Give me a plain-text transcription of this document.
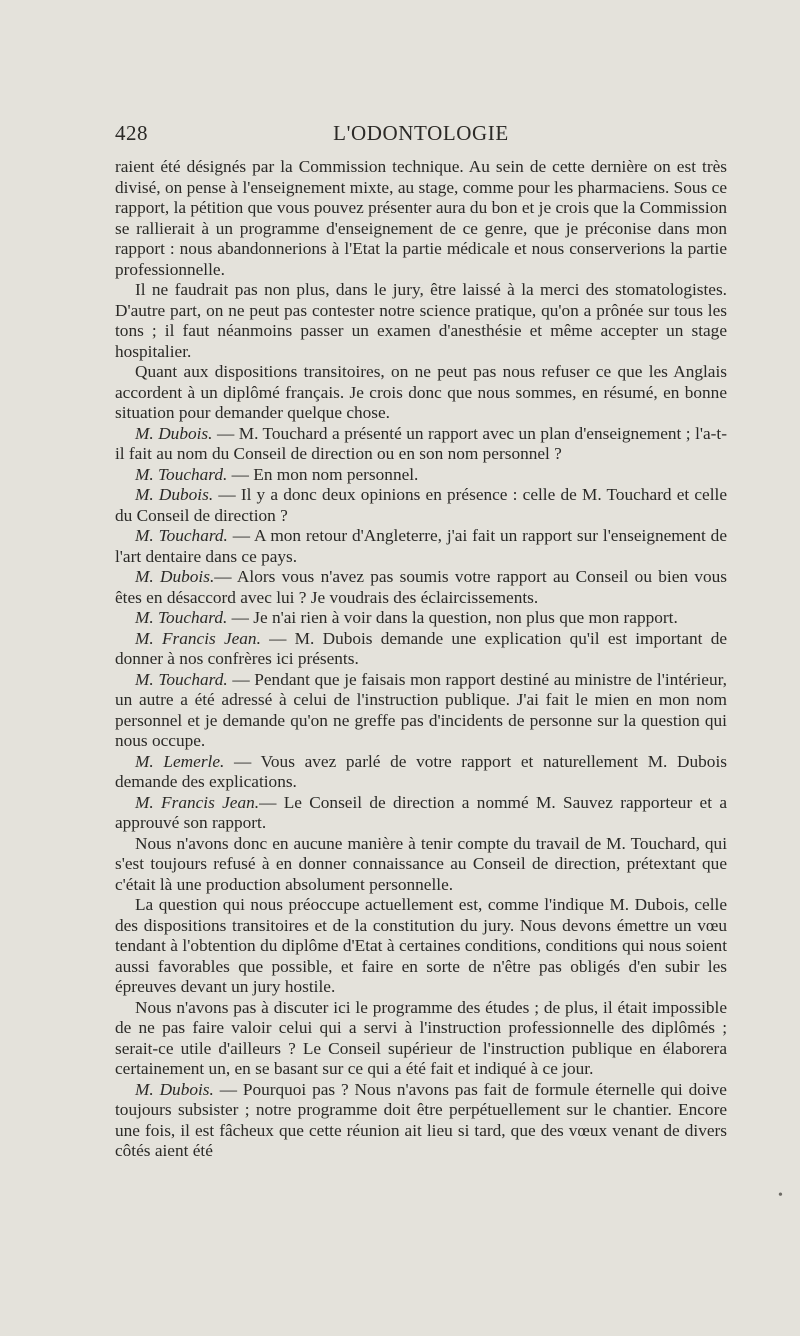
428	L'ODONTOLOGIE

raient été désignés par la Commission technique. Au sein de cette dernière on est très divisé, on pense à l'enseignement mixte, au stage, comme pour les pharmaciens. Sous ce rapport, la pétition que vous pouvez présenter aura du bon et je crois que la Commission se rallierait à un programme d'enseignement de ce genre, que je préconise dans mon rapport : nous abandonnerions à l'Etat la partie médicale et nous conserverions la partie professionnelle.

Il ne faudrait pas non plus, dans le jury, être laissé à la merci des stomatologistes. D'autre part, on ne peut pas contester notre science pratique, qu'on a prônée sur tous les tons ; il faut néanmoins passer un examen d'anesthésie et même accepter un stage hospitalier.

Quant aux dispositions transitoires, on ne peut pas nous refuser ce que les Anglais accordent à un diplômé français. Je crois donc que nous sommes, en résumé, en bonne situation pour demander quelque chose.

M. Dubois. — M. Touchard a présenté un rapport avec un plan d'enseignement ; l'a-t-il fait au nom du Conseil de direction ou en son nom personnel ?

M. Touchard. — En mon nom personnel.

M. Dubois. — Il y a donc deux opinions en présence : celle de M. Touchard et celle du Conseil de direction ?

M. Touchard. — A mon retour d'Angleterre, j'ai fait un rapport sur l'enseignement de l'art dentaire dans ce pays.

M. Dubois.— Alors vous n'avez pas soumis votre rapport au Conseil ou bien vous êtes en désaccord avec lui ? Je voudrais des éclaircissements.

M. Touchard. — Je n'ai rien à voir dans la question, non plus que mon rapport.

M. Francis Jean. — M. Dubois demande une explication qu'il est important de donner à nos confrères ici présents.

M. Touchard. — Pendant que je faisais mon rapport destiné au ministre de l'intérieur, un autre a été adressé à celui de l'instruction publique. J'ai fait le mien en mon nom personnel et je demande qu'on ne greffe pas d'incidents de personne sur la question qui nous occupe.

M. Lemerle. — Vous avez parlé de votre rapport et naturellement M. Dubois demande des explications.

M. Francis Jean.— Le Conseil de direction a nommé M. Sauvez rapporteur et a approuvé son rapport.

Nous n'avons donc en aucune manière à tenir compte du travail de M. Touchard, qui s'est toujours refusé à en donner connaissance au Conseil de direction, prétextant que c'était là une production absolument personnelle.

La question qui nous préoccupe actuellement est, comme l'indique M. Dubois, celle des dispositions transitoires et de la constitution du jury. Nous devons émettre un vœu tendant à l'obtention du diplôme d'Etat à certaines conditions, conditions qui nous soient aussi favorables que possible, et faire en sorte de n'être pas obligés d'en subir les épreuves devant un jury hostile.

Nous n'avons pas à discuter ici le programme des études ; de plus, il était impossible de ne pas faire valoir celui qui a servi à l'instruction professionnelle des diplômés ; serait-ce utile d'ailleurs ? Le Conseil supérieur de l'instruction publique en élaborera certainement un, en se basant sur ce qui a été fait et indiqué à ce jour.

M. Dubois. — Pourquoi pas ? Nous n'avons pas fait de formule éternelle qui doive toujours subsister ; notre programme doit être perpétuellement sur le chantier. Encore une fois, il est fâcheux que cette réunion ait lieu si tard, que des vœux venant de divers côtés aient été

•
